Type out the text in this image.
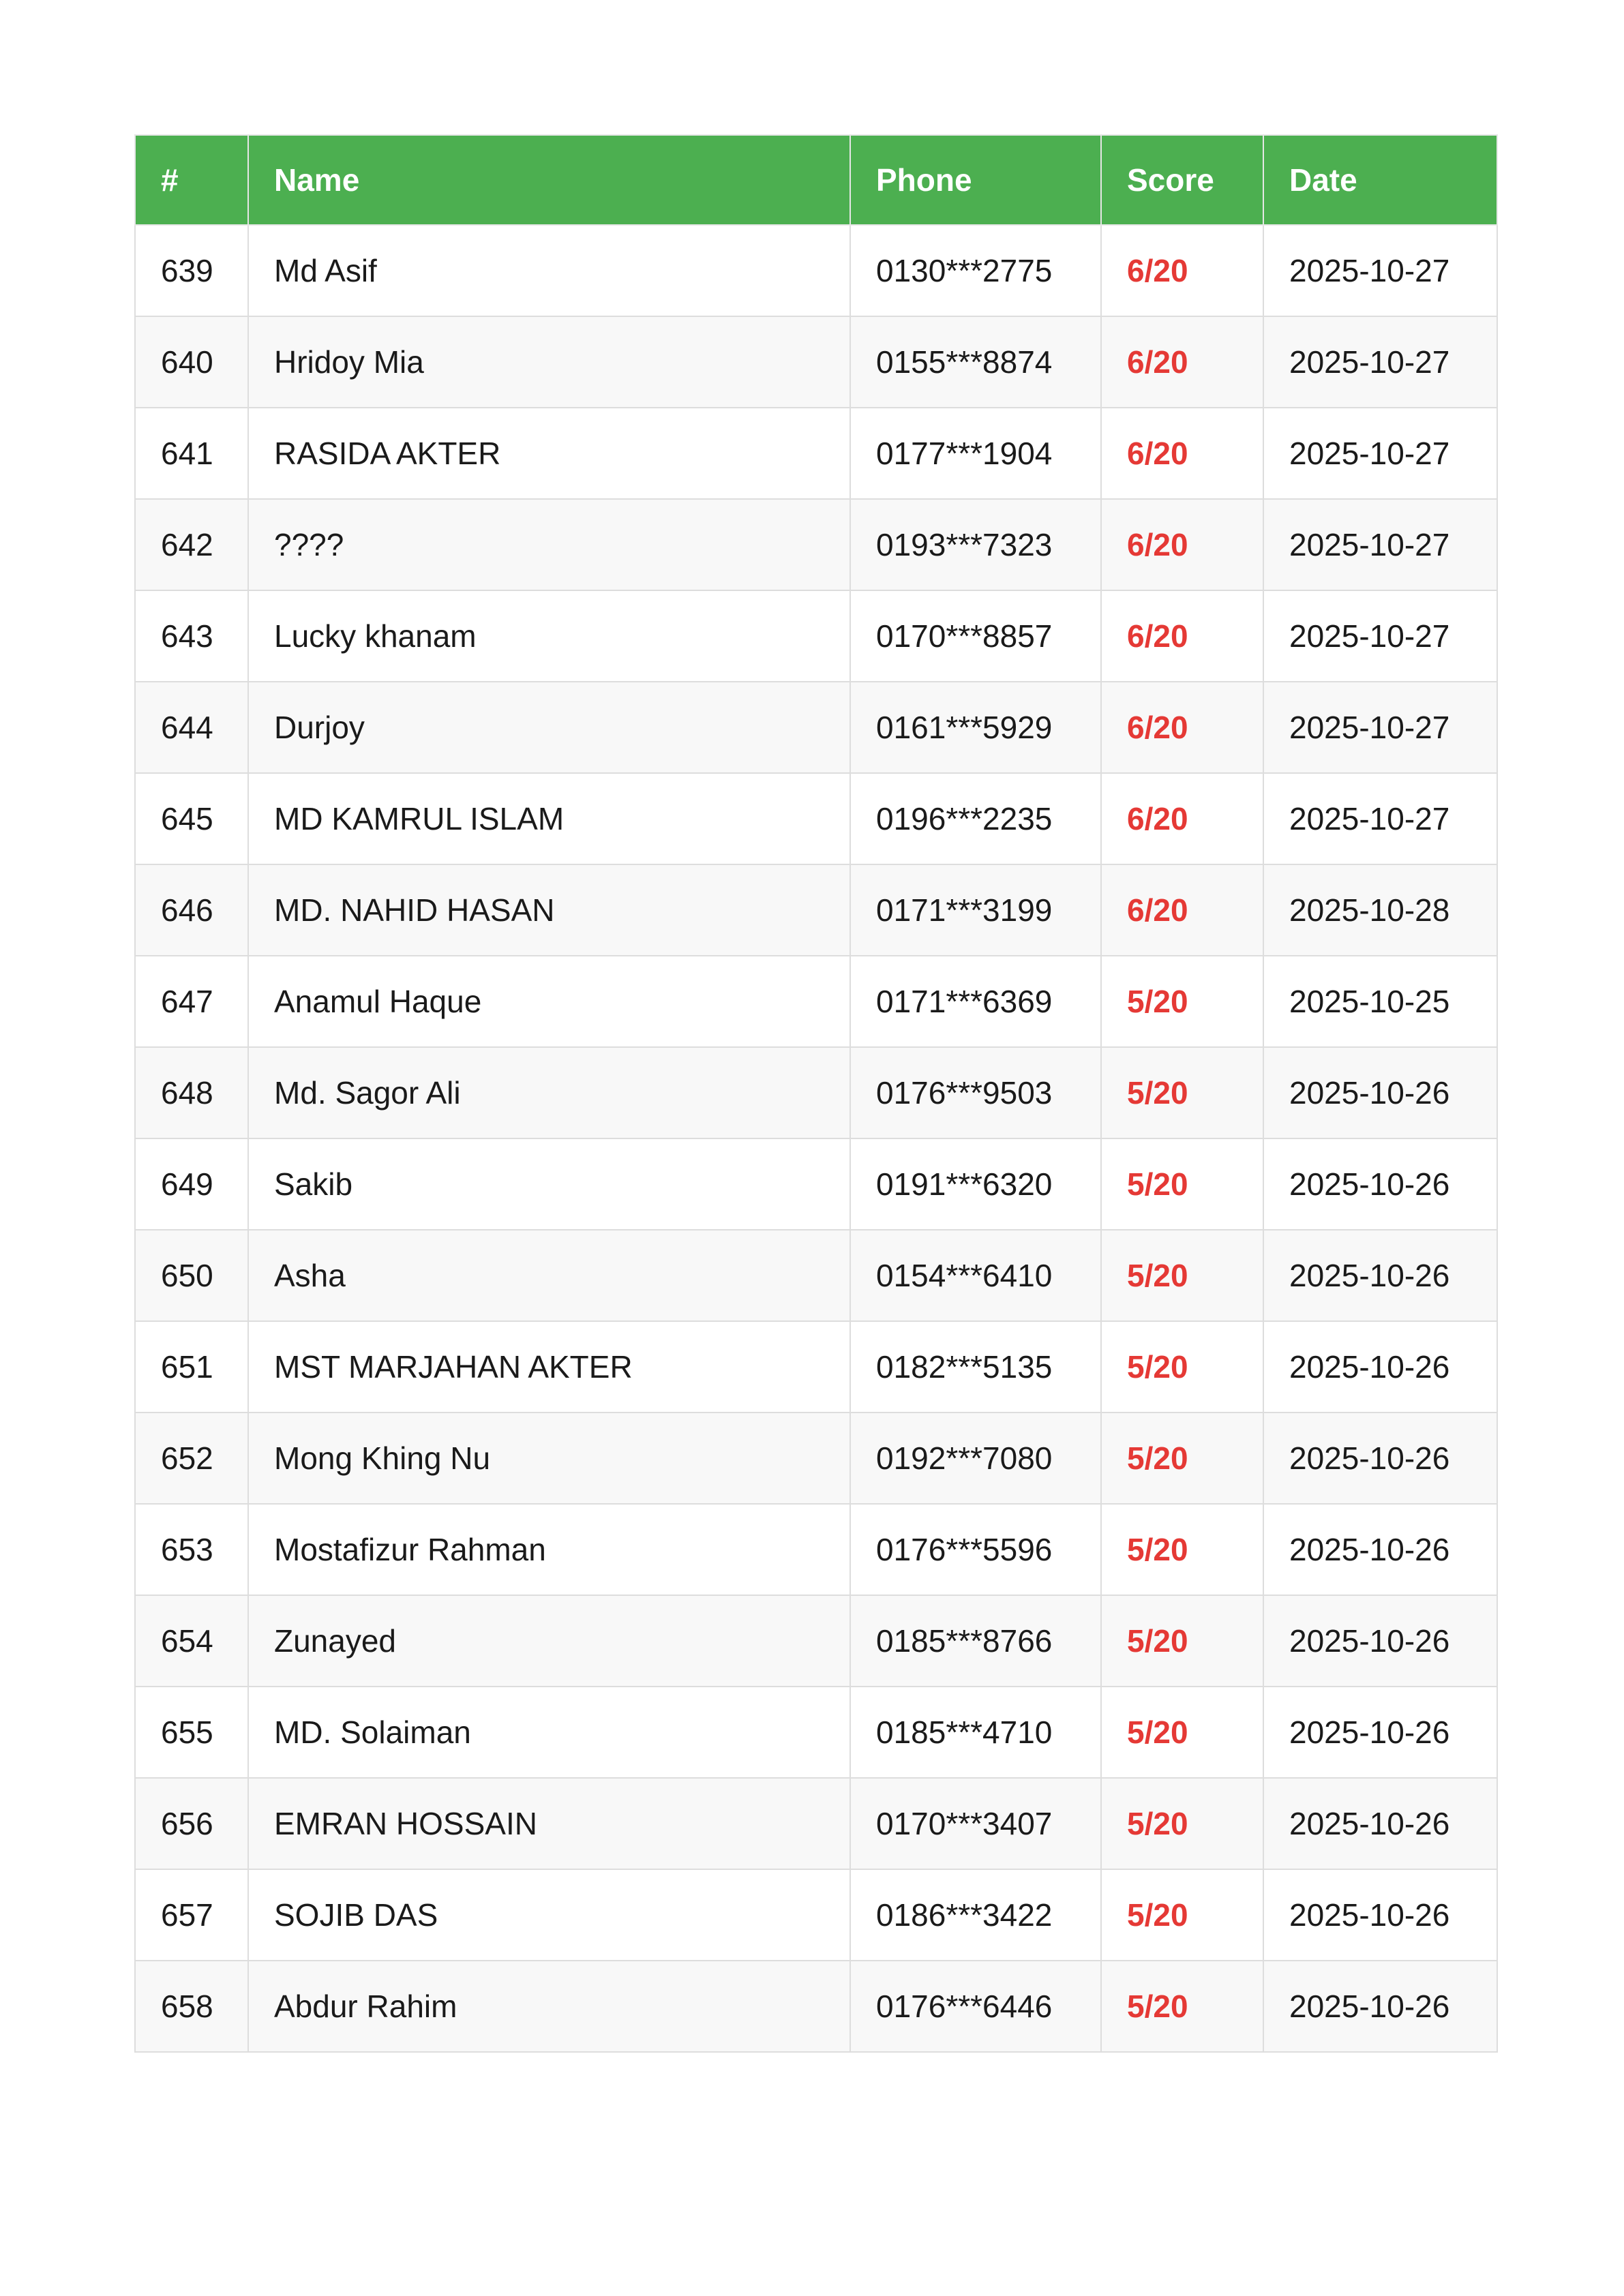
#	Name	Phone	Score	Date
639	Md Asif	0130***2775	6/20	2025-10-27
640	Hridoy Mia	0155***8874	6/20	2025-10-27
641	RASIDA AKTER	0177***1904	6/20	2025-10-27
642	????	0193***7323	6/20	2025-10-27
643	Lucky khanam	0170***8857	6/20	2025-10-27
644	Durjoy	0161***5929	6/20	2025-10-27
645	MD KAMRUL ISLAM	0196***2235	6/20	2025-10-27
646	MD. NAHID HASAN	0171***3199	6/20	2025-10-28
647	Anamul Haque	0171***6369	5/20	2025-10-25
648	Md. Sagor Ali	0176***9503	5/20	2025-10-26
649	Sakib	0191***6320	5/20	2025-10-26
650	Asha	0154***6410	5/20	2025-10-26
651	MST MARJAHAN AKTER	0182***5135	5/20	2025-10-26
652	Mong Khing Nu	0192***7080	5/20	2025-10-26
653	Mostafizur Rahman	0176***5596	5/20	2025-10-26
654	Zunayed	0185***8766	5/20	2025-10-26
655	MD. Solaiman	0185***4710	5/20	2025-10-26
656	EMRAN HOSSAIN	0170***3407	5/20	2025-10-26
657	SOJIB DAS	0186***3422	5/20	2025-10-26
658	Abdur Rahim	0176***6446	5/20	2025-10-26
